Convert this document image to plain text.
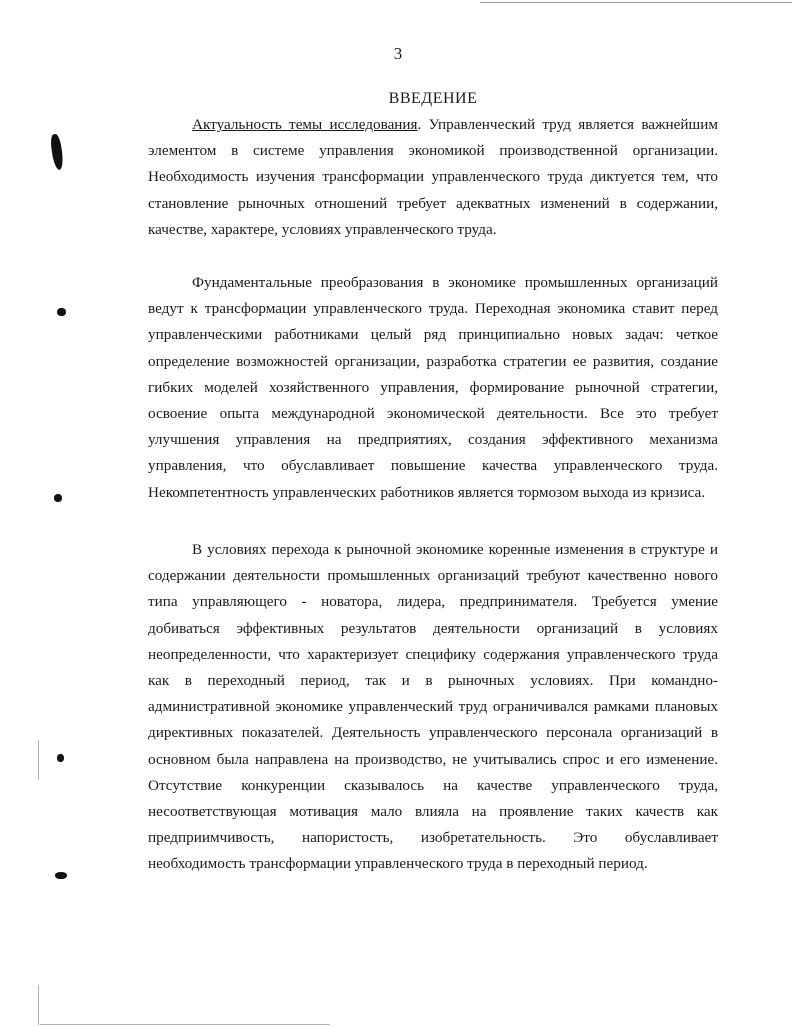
3
ВВЕДЕНИЕ

Актуальность темы исследования. Управленческий труд является важнейшим элементом в системе управления экономикой производственной организации. Необходимость изучения трансформации управленческого труда диктуется тем, что становление рыночных отношений требует адекватных изменений в содержании, качестве, характере, условиях управленческого труда.

Фундаментальные преобразования в экономике промышленных организаций ведут к трансформации управленческого труда. Переходная экономика ставит перед управленческими работниками целый ряд принципиально новых задач: четкое определение возможностей организации, разработка стратегии ее развития, создание гибких моделей хозяйственного управления, формирование рыночной стратегии, освоение опыта международной экономической деятельности. Все это требует улучшения управления на предприятиях, создания эффективного механизма управления, что обуславливает повышение качества управленческого труда. Некомпетентность управленческих работников является тормозом выхода из кризиса.

В условиях перехода к рыночной экономике коренные изменения в структуре и содержании деятельности промышленных организаций требуют качественно нового типа управляющего - новатора, лидера, предпринимателя. Требуется умение добиваться эффективных результатов деятельности организаций в условиях неопределенности, что характеризует специфику содержания управленческого труда как в переходный период, так и в рыночных условиях. При командно-административной экономике управленческий труд ограничивался рамками плановых директивных показателей. Деятельность управленческого персонала организаций в основном была направлена на производство, не учитывались спрос и его изменение. Отсутствие конкуренции сказывалось на качестве управленческого труда, несоответствующая мотивация мало влияла на проявление таких качеств как предприимчивость, напористость, изобретательность. Это обуславливает необходимость трансформации управленческого труда в переходный период.
